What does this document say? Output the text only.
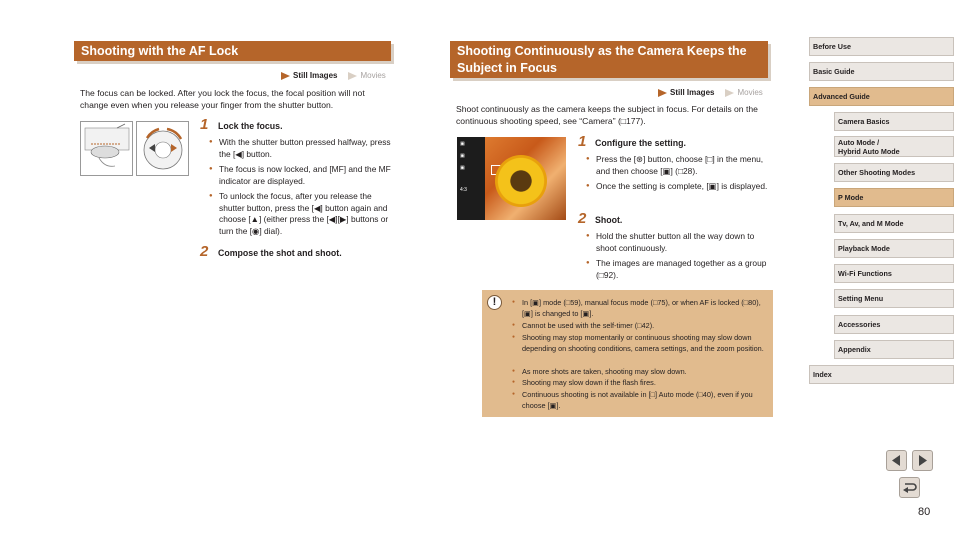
Shooting with the AF Lock
Still Images	Movies
The focus can be locked. After you lock the focus, the focal position will not change even when you release your finger from the shutter button.
1 Lock the focus.
● With the shutter button pressed halfway, press the [◀] button.
● The focus is now locked, and [MF] and the MF indicator are displayed.
● To unlock the focus, after you release the shutter button, press the [◀] button again and choose [▲] (either press the [◀][▶] buttons or turn the [◉] dial).
2 Compose the shot and shoot.
Shooting Continuously as the Camera Keeps the Subject in Focus
Still Images	Movies
Shoot continuously as the camera keeps the subject in focus. For details on the continuous shooting speed, see “Camera” (□177).
▣
▣
▣
4:3
1 Configure the setting.
● Press the [⊛] button, choose [□] in the menu, and then choose [▣] (□28).
● Once the setting is complete, [▣] is displayed.
2 Shoot.
● Hold the shutter button all the way down to shoot continuously.
● The images are managed together as a group (□92).
!
●	In [▣] mode (□59), manual focus mode (□75), or when AF is locked (□80), [▣] is changed to [▣].
● Cannot be used with the self-timer (□42).
● Shooting may stop momentarily or continuous shooting may slow down depending on shooting conditions, camera settings, and the zoom position.
● As more shots are taken, shooting may slow down.
● Shooting may slow down if the flash fires.
● Continuous shooting is not available in [□] Auto mode (□40), even if you choose [▣].
Before Use
Basic Guide
Advanced Guide
Camera Basics
Auto Mode /
Hybrid Auto Mode
Other Shooting Modes
P Mode
Tv, Av, and M Mode
Playback Mode
Wi-Fi Functions
Setting Menu
Accessories
Appendix
Index
80
